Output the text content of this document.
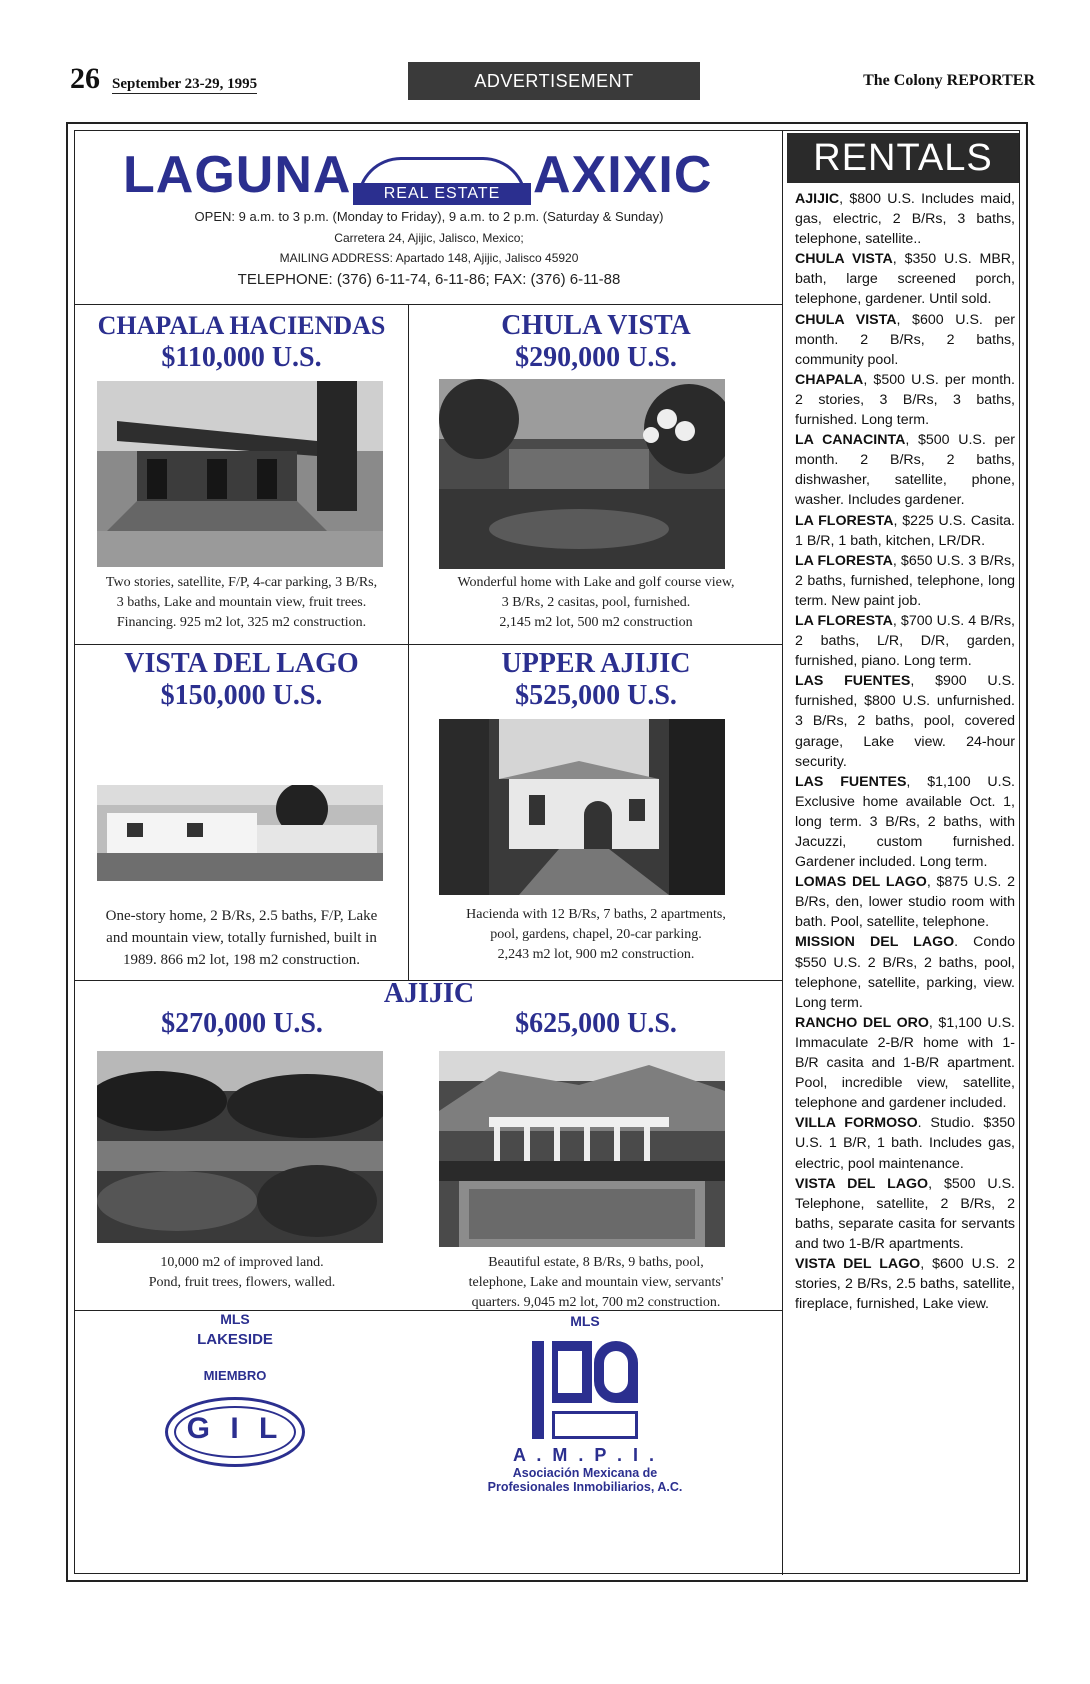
26 September 23-29, 1995	ADVERTISEMENT	The Colony REPORTER
LAGUNA	REAL ESTATE AXIXIC
OPEN: 9 a.m. to 3 p.m. (Monday to Friday), 9 a.m. to 2 p.m. (Saturday & Sunday)
Carretera 24, Ajijic, Jalisco, Mexico;
MAILING ADDRESS: Apartado 148, Ajijic, Jalisco 45920
TELEPHONE: (376) 6-11-74, 6-11-86; FAX: (376) 6-11-88
CHAPALA HACIENDAS
$110,000 U.S.
Two stories, satellite, F/P, 4-car parking, 3 B/Rs,
3 baths, Lake and mountain view, fruit trees.
Financing. 925 m2 lot, 325 m2 construction.
CHULA VISTA
$290,000 U.S.
Wonderful home with Lake and golf course view,
3 B/Rs, 2 casitas, pool, furnished.
2,145 m2 lot, 500 m2 construction
VISTA DEL LAGO
$150,000 U.S.
One-story home, 2 B/Rs, 2.5 baths, F/P, Lake
and mountain view, totally furnished, built in
1989. 866 m2 lot, 198 m2 construction.
UPPER AJIJIC
$525,000 U.S.
Hacienda with 12 B/Rs, 7 baths, 2 apartments,
pool, gardens, chapel, 20-car parking.
2,243 m2 lot, 900 m2 construction.
AJIJIC
$270,000 U.S.	$625,000 U.S.
10,000 m2 of improved land.
Pond, fruit trees, flowers, walled.
Beautiful estate, 8 B/Rs, 9 baths, pool,
telephone, Lake and mountain view, servants'
quarters. 9,045 m2 lot, 700 m2 construction.
MLS
LAKESIDE
MIEMBRO
G I L
MLS
A . M . P . I .
Asociación Mexicana de
Profesionales Inmobiliarios, A.C.
RENTALS
AJIJIC, $800 U.S. Includes maid, gas, electric, 2 B/Rs, 3 baths, telephone, satellite..
CHULA VISTA, $350 U.S. MBR, bath, large screened porch, telephone, gardener. Until sold.
CHULA VISTA, $600 U.S. per month. 2 B/Rs, 2 baths, community pool.
CHAPALA, $500 U.S. per month. 2 stories, 3 B/Rs, 3 baths, furnished. Long term.
LA CANACINTA, $500 U.S. per month. 2 B/Rs, 2 baths, dishwasher, satellite, phone, washer. Includes gardener.
LA FLORESTA, $225 U.S. Casita. 1 B/R, 1 bath, kitchen, LR/DR.
LA FLORESTA, $650 U.S. 3 B/Rs, 2 baths, furnished, telephone, long term. New paint job.
LA FLORESTA, $700 U.S. 4 B/Rs, 2 baths, L/R, D/R, garden, furnished, piano. Long term.
LAS FUENTES, $900 U.S. furnished, $800 U.S. unfurnished. 3 B/Rs, 2 baths, pool, covered garage, Lake view. 24-hour security.
LAS FUENTES, $1,100 U.S. Exclusive home available Oct. 1, long term. 3 B/Rs, 2 baths, with Jacuzzi, custom furnished. Gardener included. Long term.
LOMAS DEL LAGO, $875 U.S. 2 B/Rs, den, lower studio room with bath. Pool, satellite, telephone.
MISSION DEL LAGO. Condo $550 U.S. 2 B/Rs, 2 baths, pool, telephone, satellite, parking, view. Long term.
RANCHO DEL ORO, $1,100 U.S. Immaculate 2-B/R home with 1-B/R casita and 1-B/R apartment. Pool, incredible view, satellite, telephone and gardener included.
VILLA FORMOSO. Studio. $350 U.S. 1 B/R, 1 bath. Includes gas, electric, pool maintenance.
VISTA DEL LAGO, $500 U.S. Telephone, satellite, 2 B/Rs, 2 baths, separate casita for servants and two 1-B/R apartments.
VISTA DEL LAGO, $600 U.S. 2 stories, 2 B/Rs, 2.5 baths, satellite, fireplace, furnished, Lake view.
